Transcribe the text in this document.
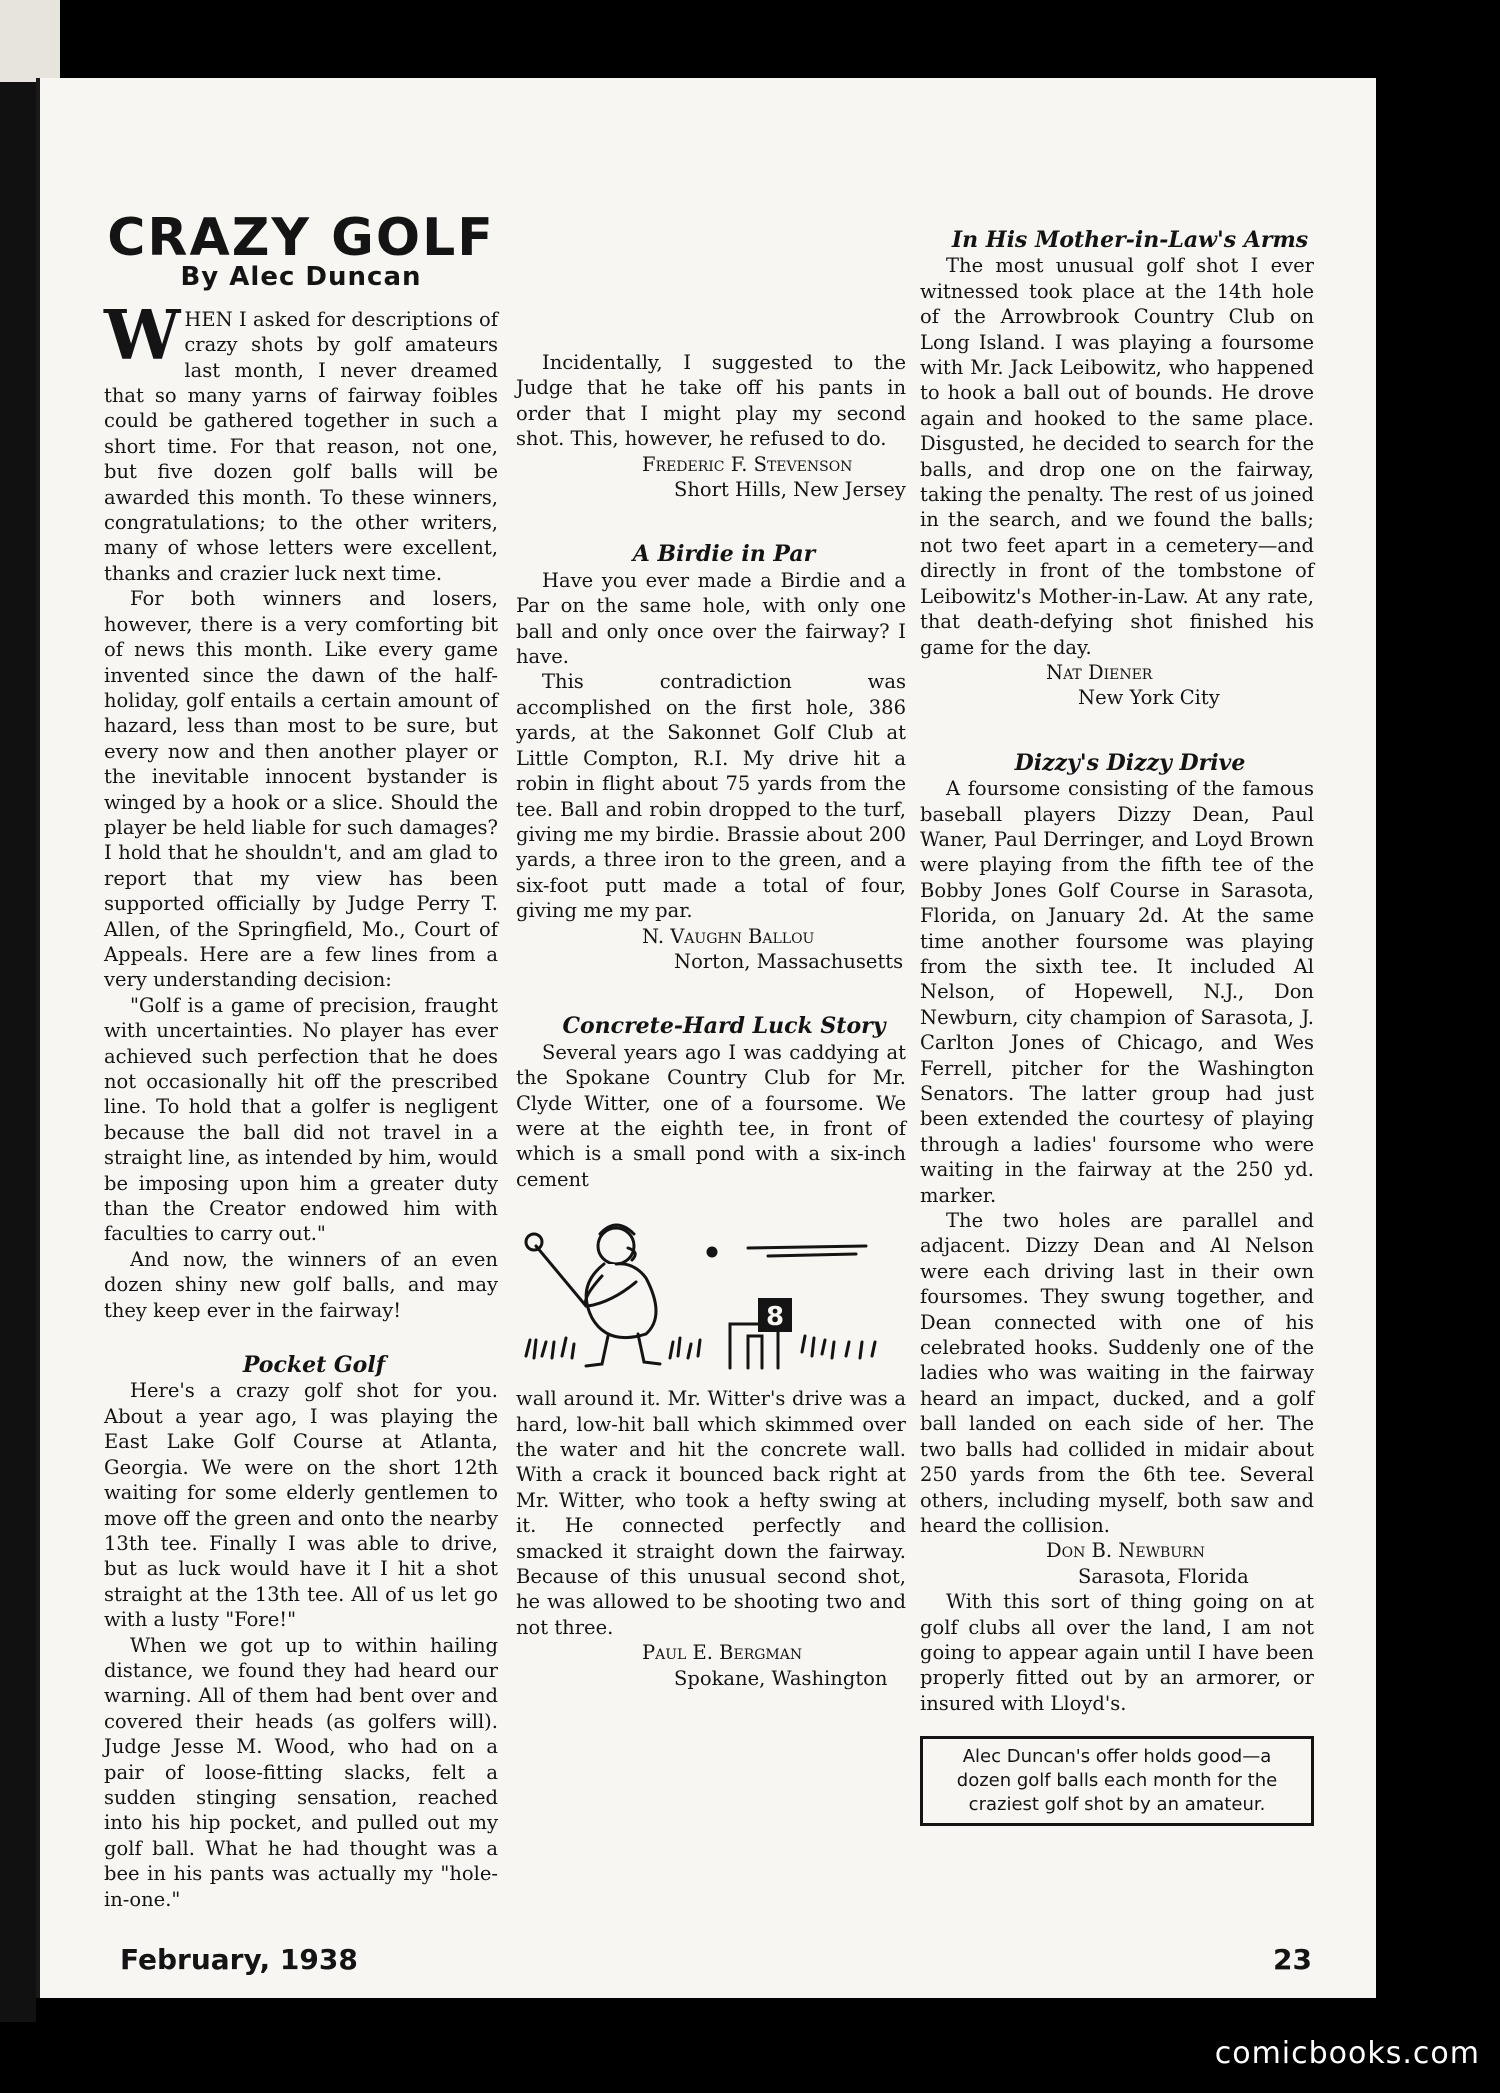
CRAZY GOLF
By Alec Duncan

WHEN I asked for descriptions of crazy shots by golf amateurs last month, I never dreamed that so many yarns of fairway foibles could be gathered together in such a short time. For that reason, not one, but five dozen golf balls will be awarded this month. To these winners, congratulations; to the other writers, many of whose letters were excellent, thanks and crazier luck next time.

For both winners and losers, however, there is a very comforting bit of news this month. Like every game invented since the dawn of the half-holiday, golf entails a certain amount of hazard, less than most to be sure, but every now and then another player or the inevitable innocent bystander is winged by a hook or a slice. Should the player be held liable for such damages? I hold that he shouldn't, and am glad to report that my view has been supported officially by Judge Perry T. Allen, of the Springfield, Mo., Court of Appeals. Here are a few lines from a very understanding decision:

"Golf is a game of precision, fraught with uncertainties. No player has ever achieved such perfection that he does not occasionally hit off the prescribed line. To hold that a golfer is negligent because the ball did not travel in a straight line, as intended by him, would be imposing upon him a greater duty than the Creator endowed him with faculties to carry out."

And now, the winners of an even dozen shiny new golf balls, and may they keep ever in the fairway!

Pocket Golf

Here's a crazy golf shot for you. About a year ago, I was playing the East Lake Golf Course at Atlanta, Georgia. We were on the short 12th waiting for some elderly gentlemen to move off the green and onto the nearby 13th tee. Finally I was able to drive, but as luck would have it I hit a shot straight at the 13th tee. All of us let go with a lusty "Fore!"

When we got up to within hailing distance, we found they had heard our warning. All of them had bent over and covered their heads (as golfers will). Judge Jesse M. Wood, who had on a pair of loose-fitting slacks, felt a sudden stinging sensation, reached into his hip pocket, and pulled out my golf ball. What he had thought was a bee in his pants was actually my "hole-in-one."

Incidentally, I suggested to the Judge that he take off his pants in order that I might play my second shot. This, however, he refused to do.

Frederic F. Stevenson

Short Hills, New Jersey

A Birdie in Par

Have you ever made a Birdie and a Par on the same hole, with only one ball and only once over the fairway? I have.

This contradiction was accomplished on the first hole, 386 yards, at the Sakonnet Golf Club at Little Compton, R.I. My drive hit a robin in flight about 75 yards from the tee. Ball and robin dropped to the turf, giving me my birdie. Brassie about 200 yards, a three iron to the green, and a six-foot putt made a total of four, giving me my par.

N. Vaughn Ballou

Norton, Massachusetts

Concrete-Hard Luck Story

Several years ago I was caddying at the Spokane Country Club for Mr. Clyde Witter, one of a foursome. We were at the eighth tee, in front of which is a small pond with a six-inch cement

8

wall around it. Mr. Witter's drive was a hard, low-hit ball which skimmed over the water and hit the concrete wall. With a crack it bounced back right at Mr. Witter, who took a hefty swing at it. He connected perfectly and smacked it straight down the fairway. Because of this unusual second shot, he was allowed to be shooting two and not three.

Paul E. Bergman

Spokane, Washington

In His Mother-in-Law's Arms

The most unusual golf shot I ever witnessed took place at the 14th hole of the Arrowbrook Country Club on Long Island. I was playing a foursome with Mr. Jack Leibowitz, who happened to hook a ball out of bounds. He drove again and hooked to the same place. Disgusted, he decided to search for the balls, and drop one on the fairway, taking the penalty. The rest of us joined in the search, and we found the balls; not two feet apart in a cemetery—and directly in front of the tombstone of Leibowitz's Mother-in-Law. At any rate, that death-defying shot finished his game for the day.

Nat Diener

New York City

Dizzy's Dizzy Drive

A foursome consisting of the famous baseball players Dizzy Dean, Paul Waner, Paul Derringer, and Loyd Brown were playing from the fifth tee of the Bobby Jones Golf Course in Sarasota, Florida, on January 2d. At the same time another foursome was playing from the sixth tee. It included Al Nelson, of Hopewell, N.J., Don Newburn, city champion of Sarasota, J. Carlton Jones of Chicago, and Wes Ferrell, pitcher for the Washington Senators. The latter group had just been extended the courtesy of playing through a ladies' foursome who were waiting in the fairway at the 250 yd. marker.

The two holes are parallel and adjacent. Dizzy Dean and Al Nelson were each driving last in their own foursomes. They swung together, and Dean connected with one of his celebrated hooks. Suddenly one of the ladies who was waiting in the fairway heard an impact, ducked, and a golf ball landed on each side of her. The two balls had collided in midair about 250 yards from the 6th tee. Several others, including myself, both saw and heard the collision.

Don B. Newburn

Sarasota, Florida

With this sort of thing going on at golf clubs all over the land, I am not going to appear again until I have been properly fitted out by an armorer, or insured with Lloyd's.

Alec Duncan's offer holds good—a dozen golf balls each month for the craziest golf shot by an amateur.
February, 1938	23
comicbooks.com
